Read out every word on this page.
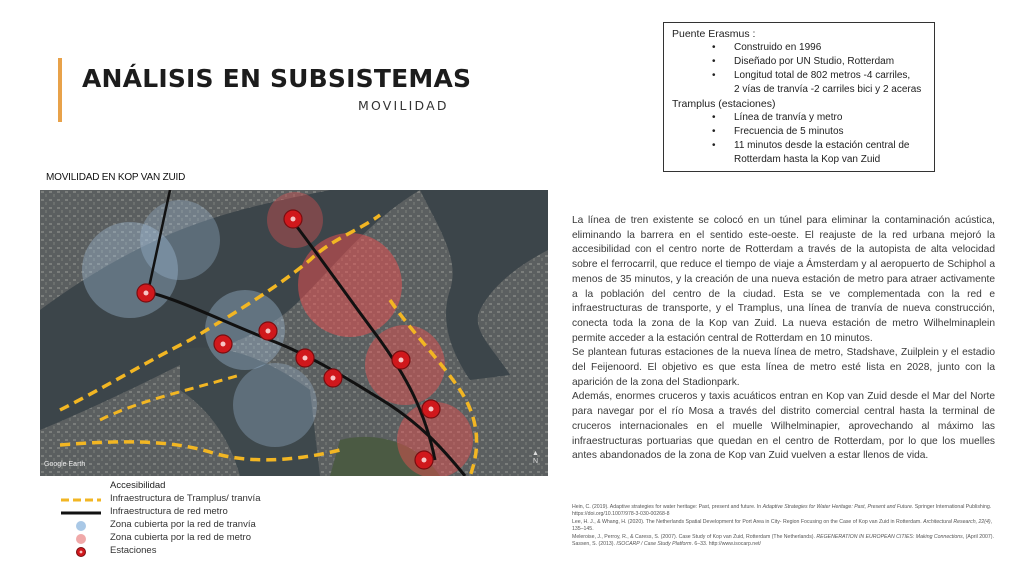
ANÁLISIS EN SUBSISTEMAS
MOVILIDAD
Puente Erasmus :
• Construido en 1996
• Diseñado por UN Studio, Rotterdam
• Longitud total de 802 metros -4 carriles,
2 vías de tranvía -2 carriles bici y 2 aceras
Tramplus (estaciones)
• Línea de tranvía y metro
• Frecuencia de 5 minutos
• 11 minutos desde la estación central de
Rotterdam hasta la Kop van Zuid
MOVILIDAD EN KOP VAN ZUID
Google Earth
▲
N

La línea de tren existente se colocó en un túnel para eliminar la contaminación acústica, eliminando la barrera en el sentido este-oeste. El reajuste de la red urbana mejoró la accesibilidad con el centro norte de Rotterdam a través de la autopista de alta velocidad sobre el ferrocarril, que reduce el tiempo de viaje a Ámsterdam y al aeropuerto de Schiphol a menos de 35 minutos, y la creación de una nueva estación de metro para atraer activamente a la población del centro de la ciudad. Esta se ve complementada con la red e infraestructuras de transporte, y el Tramplus, una línea de tranvía de nueva construcción, conecta toda la zona de la Kop van Zuid. La nueva estación de metro Wilhelminaplein permite acceder a la estación central de Rotterdam en 10 minutos.

Se plantean futuras estaciones de la nueva línea de metro, Stadshave, Zuilplein y el estadio del Feijenoord. El objetivo es que esta línea de metro esté lista en 2028, junto con la aparición de la zona del Stadionpark.

Además, enormes cruceros y taxis acuáticos entran en Kop van Zuid desde el Mar del Norte para navegar por el río Mosa a través del distrito comercial central hasta la terminal de cruceros internacionales en el muelle Wilhelminapier, aprovechando al máximo las infraestructuras portuarias que quedan en el centro de Rotterdam, por lo que los muelles antes abandonados de la zona de Kop van Zuid vuelven a estar llenos de vida.

Accesibilidad
Infraestructura de Tramplus/ tranvía
Infraestructura de red metro
Zona cubierta por la red de tranvía
Zona cubierta por la red de metro
Estaciones
Hein, C. (2019). Adaptive strategies for water heritage: Past, present and future. In Adaptive Strategies for Water Heritage: Past, Present and Future. Springer International Publishing. https://doi.org/10.1007/978-3-030-00268-8
Lee, H. J., & Whang, H. (2020). The Netherlands Spatial Development for Port Area in City- Region Focusing on the Case of Kop van Zuid in Rotterdam. Architectural Research, 22(4), 135–145.
Meleroise, J., Perroy, R., & Caress, S. (2007). Case Study of Kop van Zuid, Rotterdam (The Netherlands). REGENERATION IN EUROPEAN CITIES: Making Connections, (April 2007).
Sassen, S. (2013). ISOCARP / Case Study Platform. 6–33. http://www.isocarp.net/
